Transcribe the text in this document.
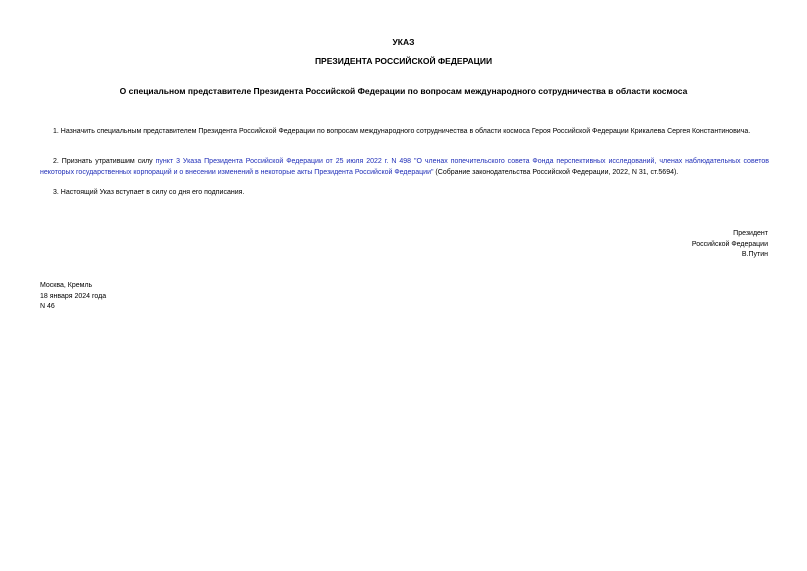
УКАЗ
ПРЕЗИДЕНТА РОССИЙСКОЙ ФЕДЕРАЦИИ
О специальном представителе Президента Российской Федерации по вопросам международного сотрудничества в области космоса
1. Назначить специальным представителем Президента Российской Федерации по вопросам международного сотрудничества в области космоса Героя Российской Федерации Крикалева Сергея Константиновича.
2. Признать утратившим силу пункт 3 Указа Президента Российской Федерации от 25 июля 2022 г. N 498 "О членах попечительского совета Фонда перспективных исследований, членах наблюдательных советов некоторых государственных корпораций и о внесении изменений в некоторые акты Президента Российской Федерации" (Собрание законодательства Российской Федерации, 2022, N 31, ст.5694).
3. Настоящий Указ вступает в силу со дня его подписания.
Президент
Российской Федерации
В.Путин
Москва, Кремль
18 января 2024 года
N 46
